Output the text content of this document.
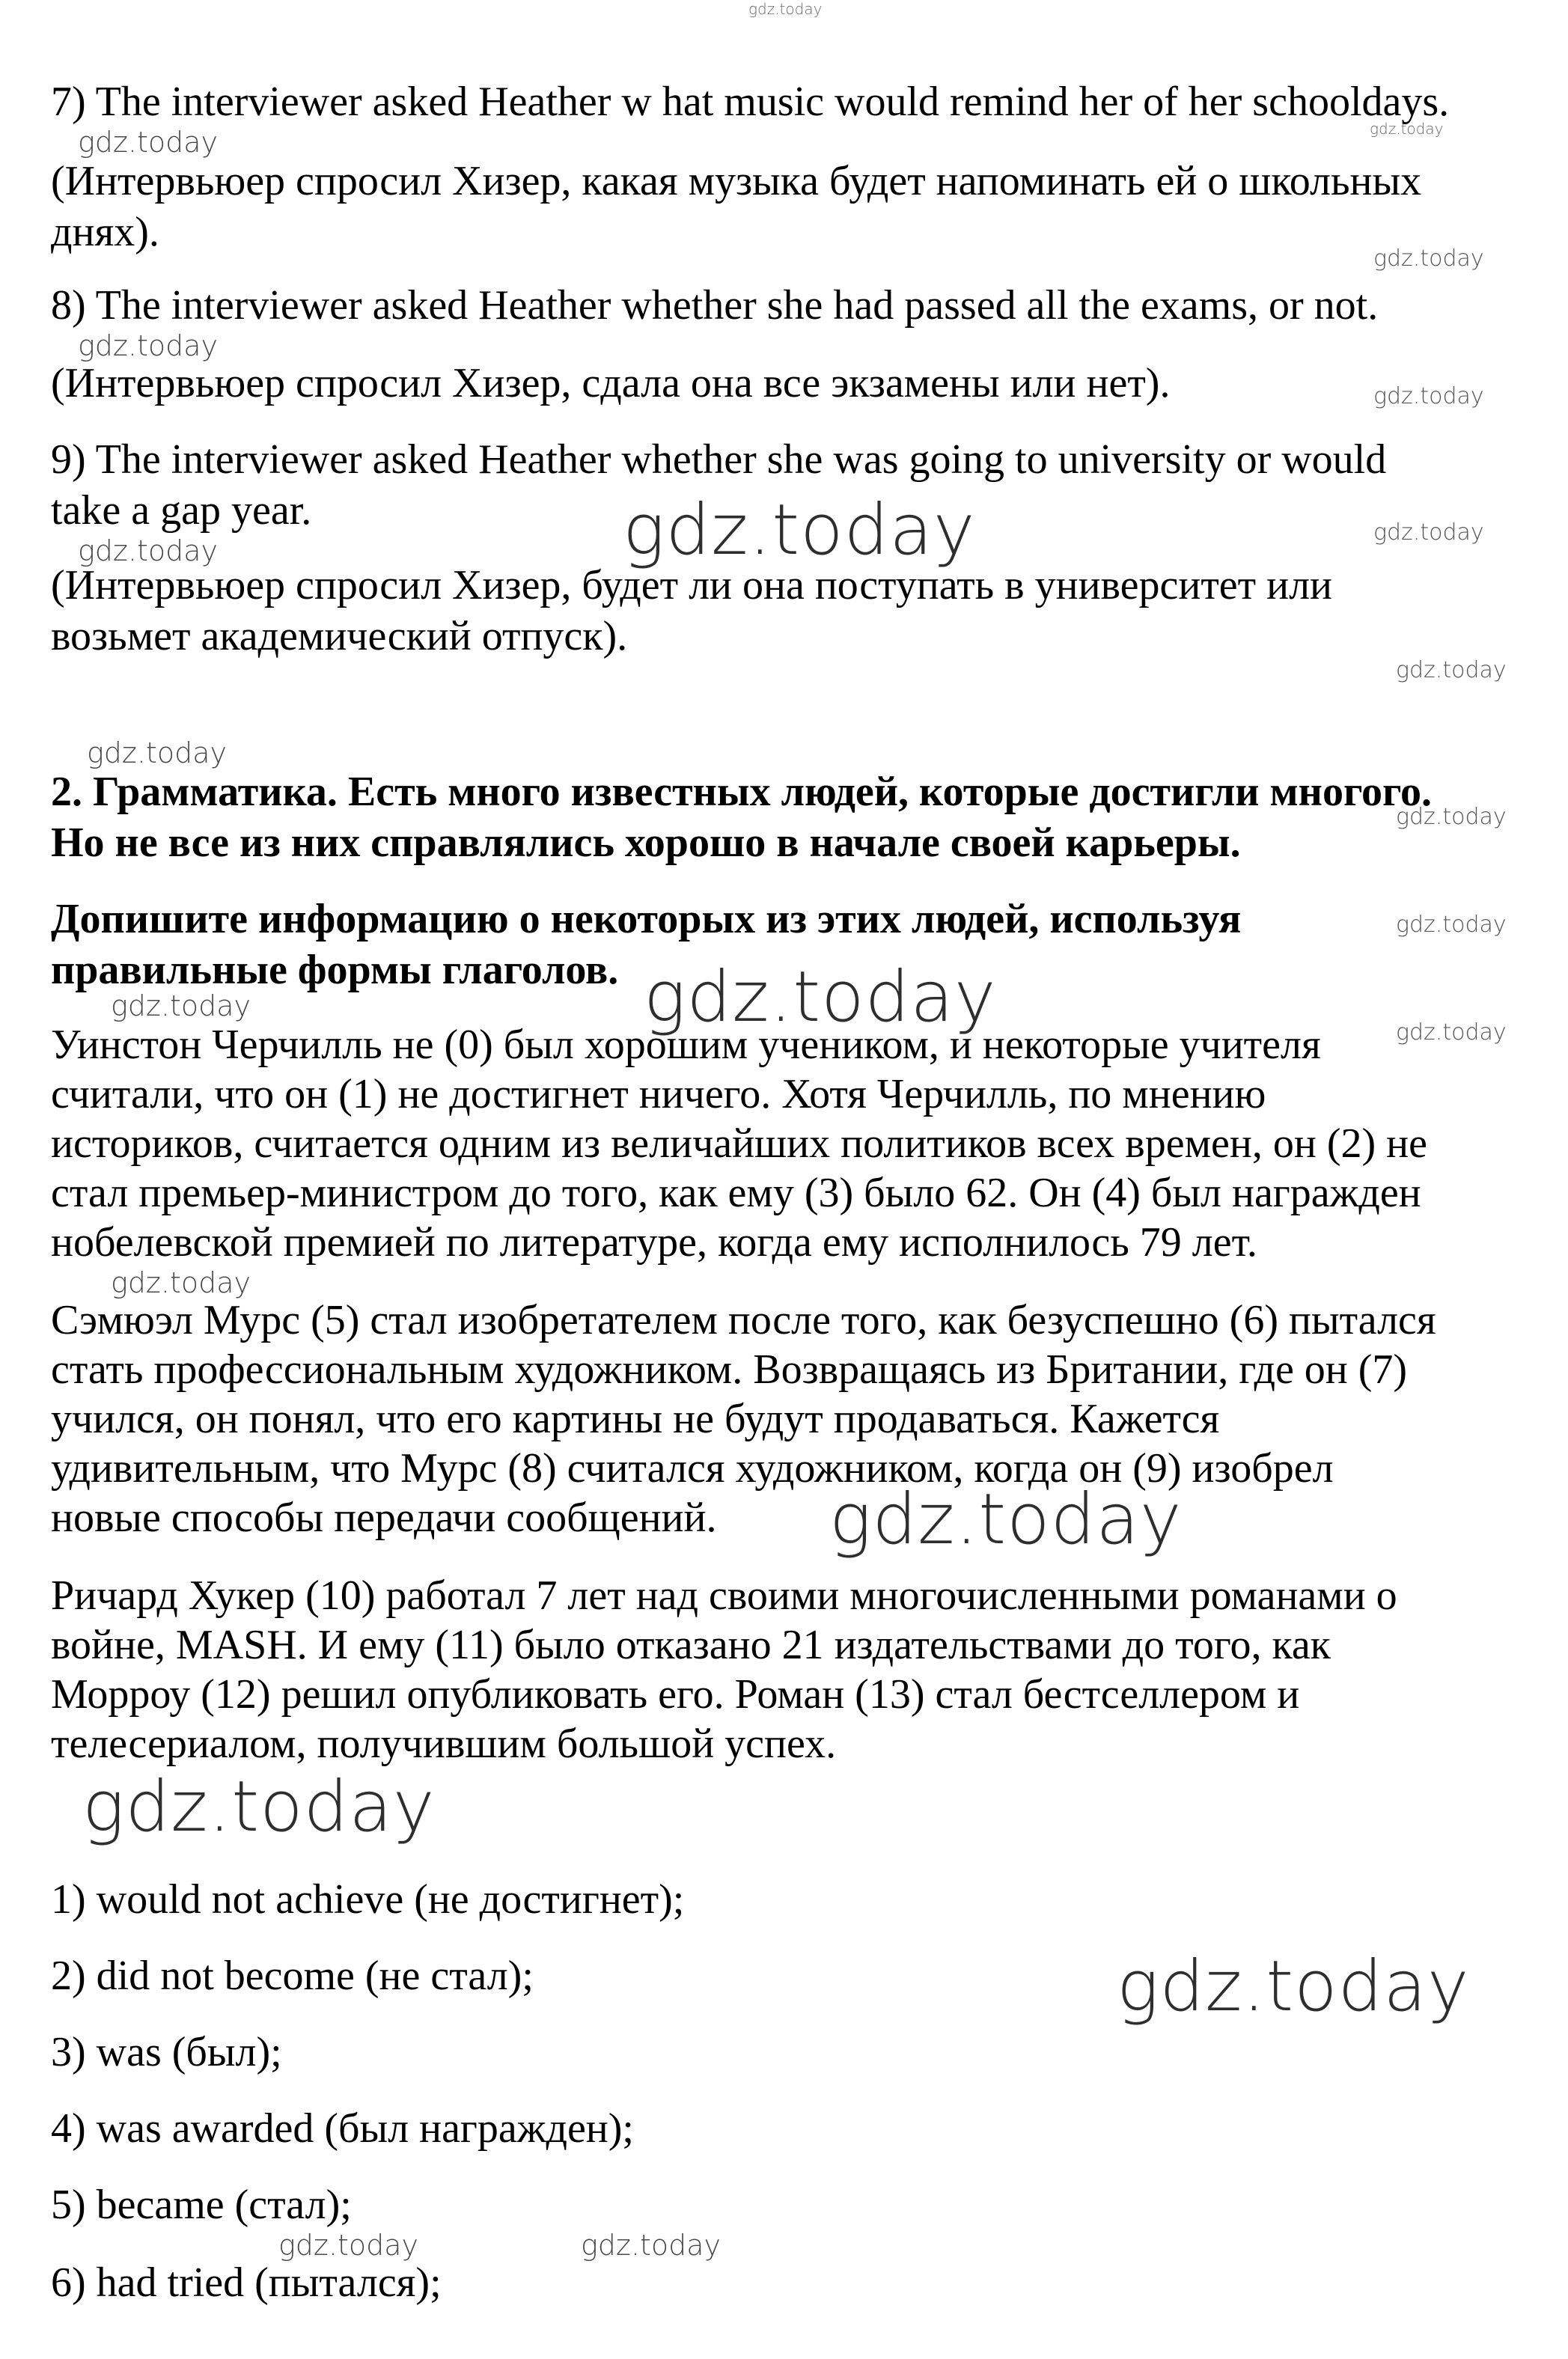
gdz.today

7) The interviewer asked Heather w hat music would remind her of her schooldays.

gdz.today	gdz.today

(Интервьюер спросил Хизер, какая музыка будет напоминать ей о школьных

днях).

gdz.today

8) The interviewer asked Heather whether she had passed all the exams, or not.

gdz.today

(Интервьюер спросил Хизер, сдала она все экзамены или нет).	gdz.today

9) The interviewer asked Heather whether she was going to university or would

take a gap year.	gdz.today	gdz.today

gdz.today

(Интервьюер спросил Хизер, будет ли она поступать в университет или

возьмет академический отпуск).

gdz.today

gdz.today

2. Грамматика. Есть много известных людей, которые достигли многого.

gdz.today

Но не все из них справлялись хорошо в начале своей карьеры.

Допишите информацию о некоторых из этих людей, используя	gdz.today

правильные формы глаголов. gdz.today

gdz.today

gdz.today

Уинстон Черчилль не (0) был хорошим учеником, и некоторые учителя

считали, что он (1) не достигнет ничего. Хотя Черчилль, по мнению

историков, считается одним из величайших политиков всех времен, он (2) не

стал премьер-министром до того, как ему (3) было 62. Он (4) был награжден

нобелевской премией по литературе, когда ему исполнилось 79 лет.

gdz.today

Сэмюэл Мурс (5) стал изобретателем после того, как безуспешно (6) пытался

стать профессиональным художником. Возвращаясь из Британии, где он (7)

учился, он понял, что его картины не будут продаваться. Кажется

удивительным, что Мурс (8) считался художником, когда он (9) изобрел

новые способы передачи сообщений. gdz.today

Ричард Хукер (10) работал 7 лет над своими многочисленными романами о

войне, MASH. И ему (11) было отказано 21 издательствами до того, как

Морроу (12) решил опубликовать его. Роман (13) стал бестселлером и

телесериалом, получившим большой успех.

gdz.today

1) would not achieve (не достигнет);

2) did not become (не стал);	gdz.today

3) was (был);

4) was awarded (был награжден);

5) became (стал);

gdz.today	gdz.today

6) had tried (пытался);
